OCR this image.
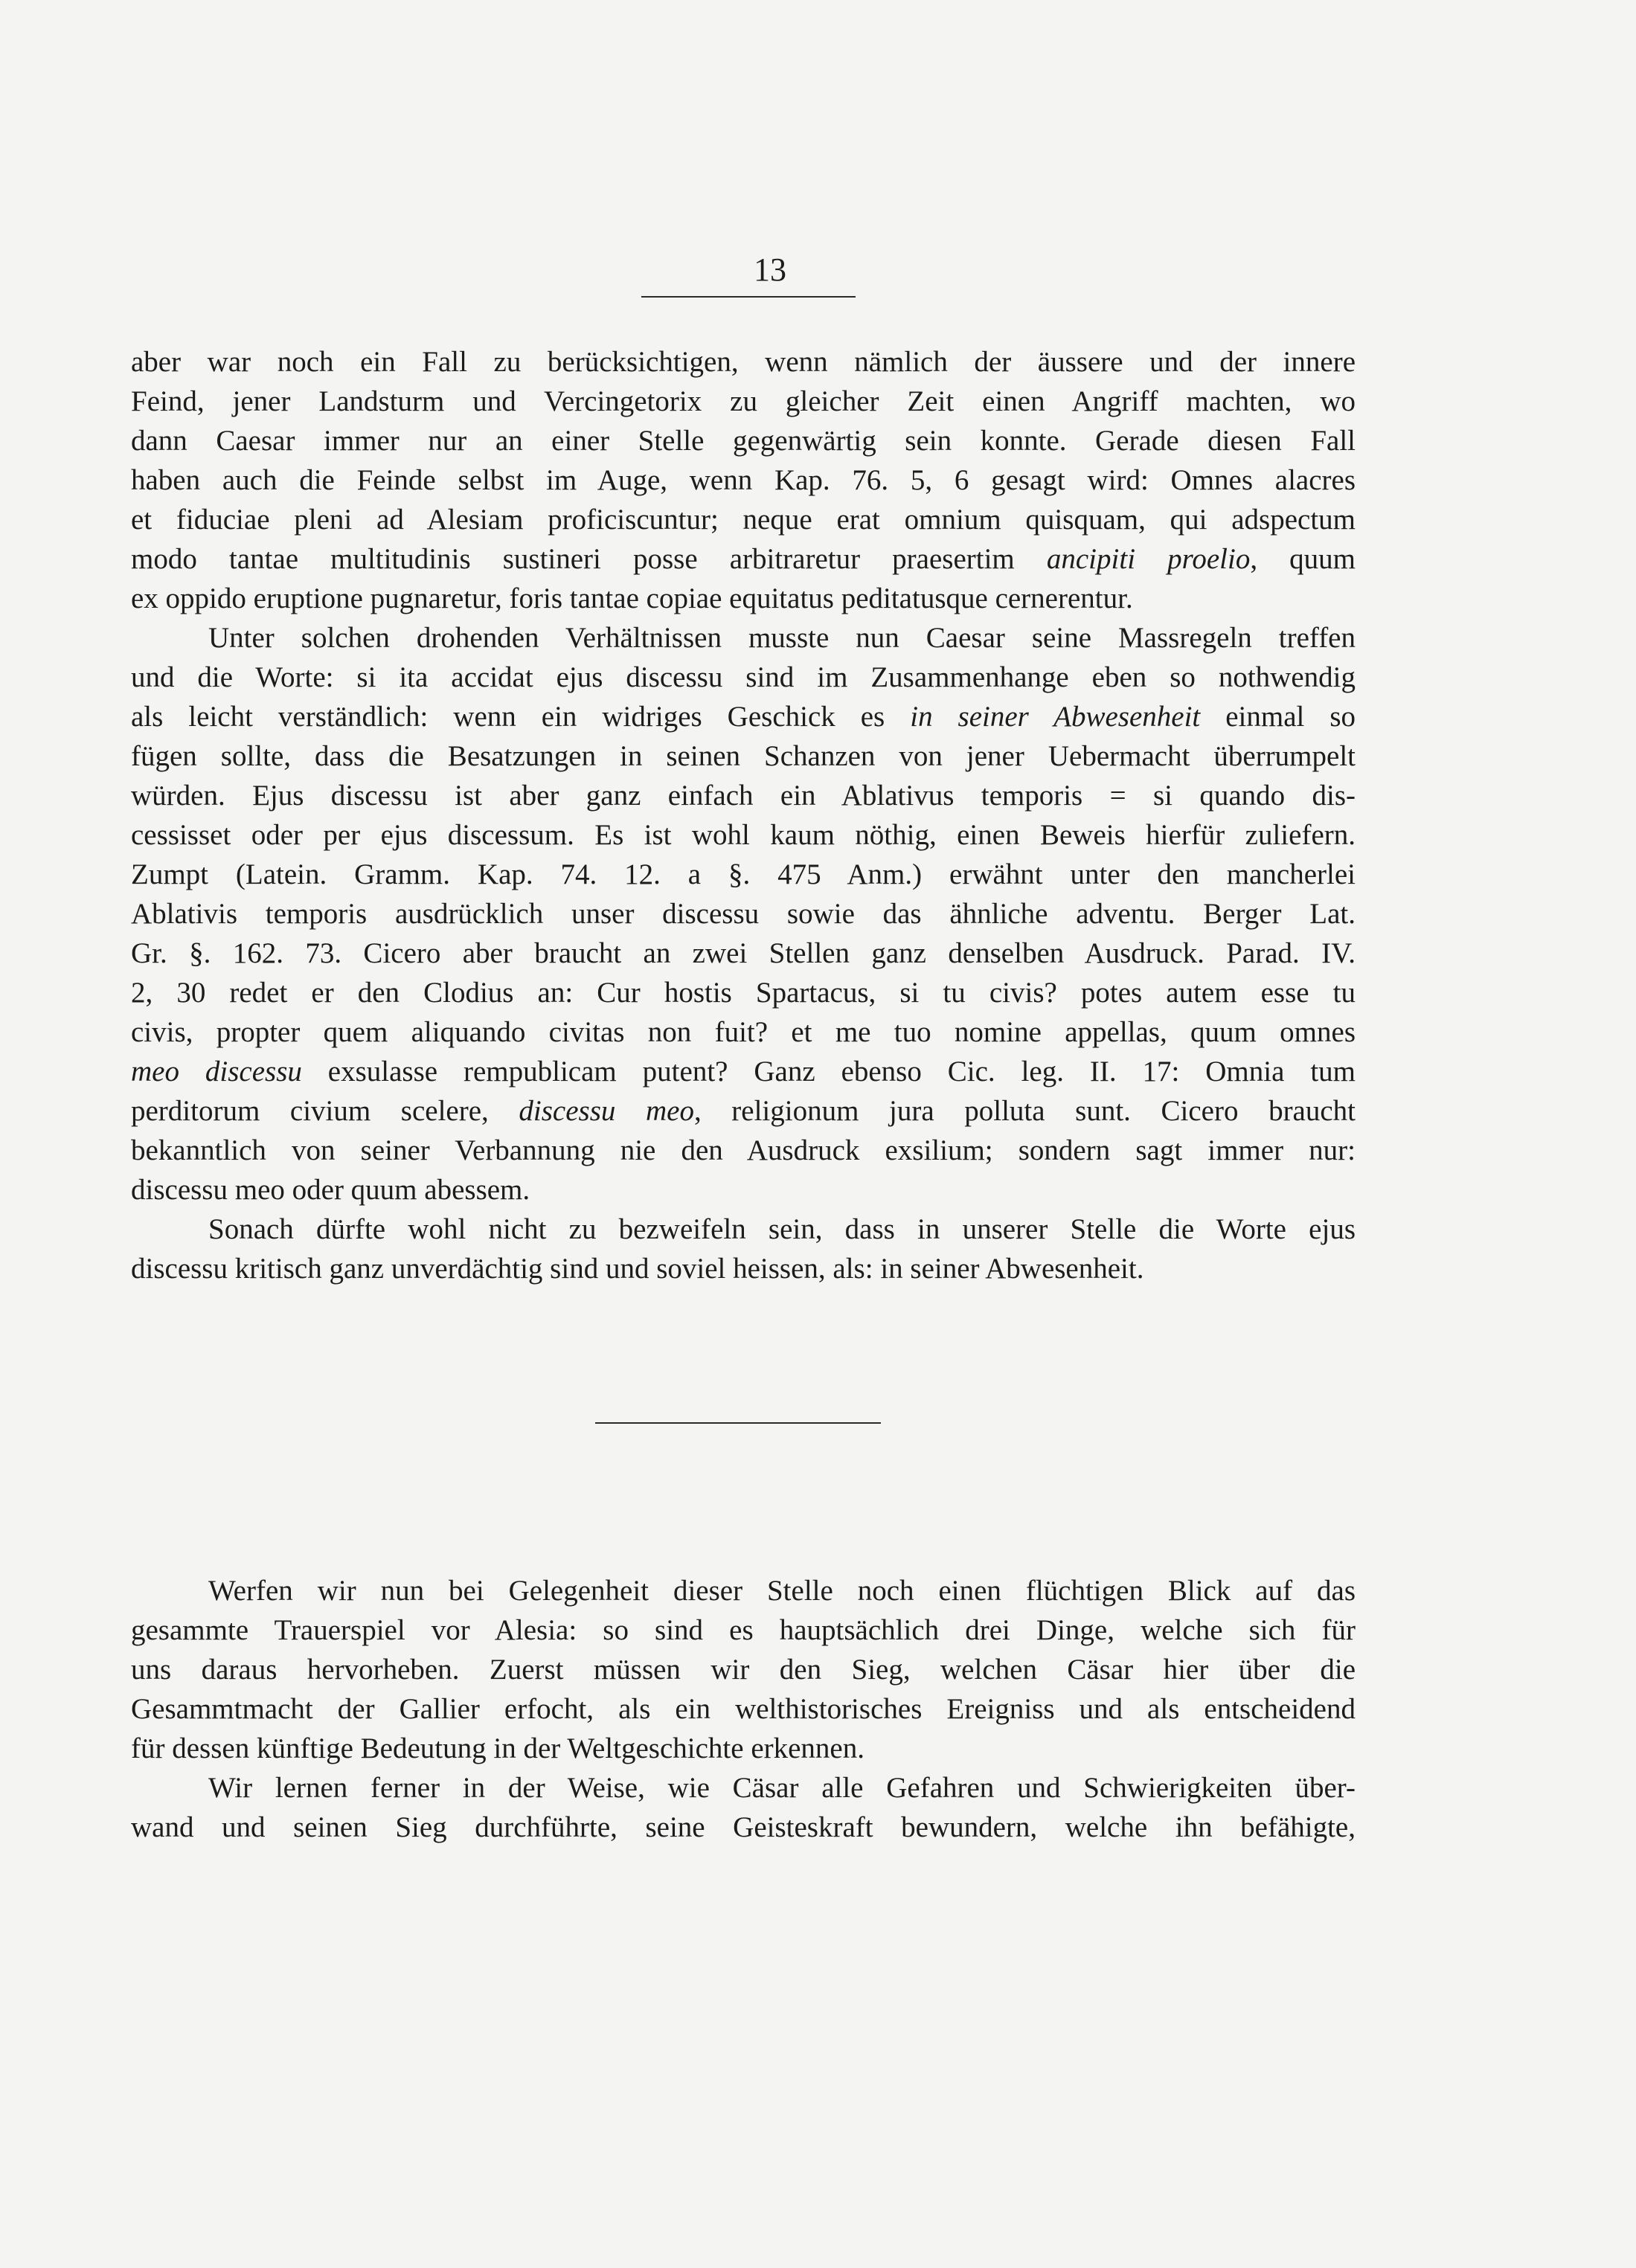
13
aber war noch ein Fall zu berücksichtigen, wenn nämlich der äussere und der innere
Feind, jener Landsturm und Vercingetorix zu gleicher Zeit einen Angriff machten, wo
dann Caesar immer nur an einer Stelle gegenwärtig sein konnte. Gerade diesen Fall
haben auch die Feinde selbst im Auge, wenn Kap. 76. 5, 6 gesagt wird: Omnes alacres
et fiduciae pleni ad Alesiam proficiscuntur; neque erat omnium quisquam, qui adspectum
modo tantae multitudinis sustineri posse arbitraretur praesertim ancipiti proelio, quum
ex oppido eruptione pugnaretur, foris tantae copiae equitatus peditatusque cernerentur.
Unter solchen drohenden Verhältnissen musste nun Caesar seine Massregeln treffen
und die Worte: si ita accidat ejus discessu sind im Zusammenhange eben so nothwendig
als leicht verständlich: wenn ein widriges Geschick es in seiner Abwesenheit einmal so
fügen sollte, dass die Besatzungen in seinen Schanzen von jener Uebermacht überrumpelt
würden. Ejus discessu ist aber ganz einfach ein Ablativus temporis = si quando dis-
cessisset oder per ejus discessum. Es ist wohl kaum nöthig, einen Beweis hierfür zuliefern.
Zumpt (Latein. Gramm. Kap. 74. 12. a §. 475 Anm.) erwähnt unter den mancherlei
Ablativis temporis ausdrücklich unser discessu sowie das ähnliche adventu. Berger Lat.
Gr. §. 162. 73. Cicero aber braucht an zwei Stellen ganz denselben Ausdruck. Parad. IV.
2, 30 redet er den Clodius an: Cur hostis Spartacus, si tu civis? potes autem esse tu
civis, propter quem aliquando civitas non fuit? et me tuo nomine appellas, quum omnes
meo discessu exsulasse rempublicam putent? Ganz ebenso Cic. leg. II. 17: Omnia tum
perditorum civium scelere, discessu meo, religionum jura polluta sunt. Cicero braucht
bekanntlich von seiner Verbannung nie den Ausdruck exsilium; sondern sagt immer nur:
discessu meo oder quum abessem.
Sonach dürfte wohl nicht zu bezweifeln sein, dass in unserer Stelle die Worte ejus
discessu kritisch ganz unverdächtig sind und soviel heissen, als: in seiner Abwesenheit.
Werfen wir nun bei Gelegenheit dieser Stelle noch einen flüchtigen Blick auf das
gesammte Trauerspiel vor Alesia: so sind es hauptsächlich drei Dinge, welche sich für
uns daraus hervorheben. Zuerst müssen wir den Sieg, welchen Cäsar hier über die
Gesammtmacht der Gallier erfocht, als ein welthistorisches Ereigniss und als entscheidend
für dessen künftige Bedeutung in der Weltgeschichte erkennen.
Wir lernen ferner in der Weise, wie Cäsar alle Gefahren und Schwierigkeiten über-
wand und seinen Sieg durchführte, seine Geisteskraft bewundern, welche ihn befähigte,
